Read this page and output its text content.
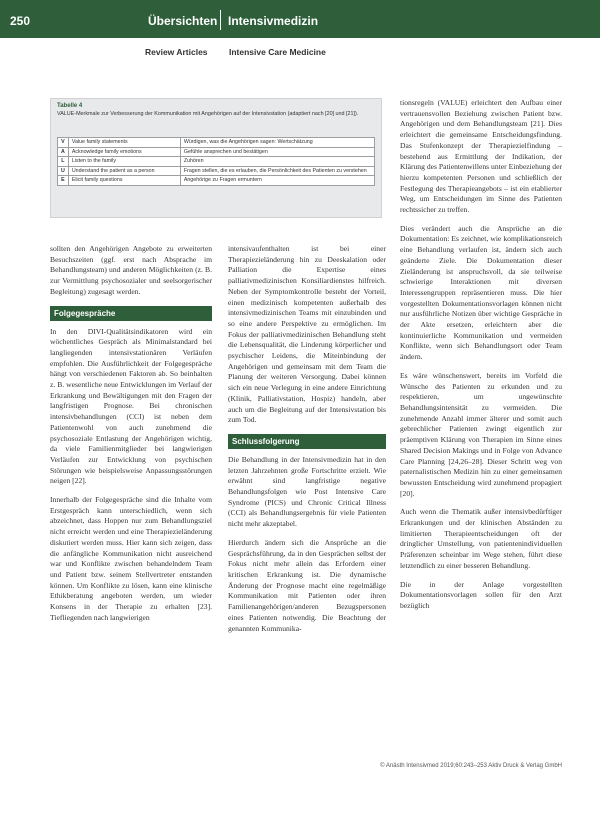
250	Übersichten Intensivmedizin
Review Articles	Intensive Care Medicine
Tabelle 4
VALUE-Merkmale zur Verbesserung der Kommunikation mit Angehörigen auf der Intensivstation (adaptiert nach [20] und [21]).
V	Value family statements	Würdigen, was die Angehörigen sagen: Wertschätzung
A	Acknowledge family emotions	Gefühle ansprechen und bestätigen
L	Listen to the family	Zuhören
U	Understand the patient as a person	Fragen stellen, die es erlauben, die Persönlichkeit des Patienten zu verstehen
E	Elicit family questions	Angehörige zu Fragen ermuntern

sollten den Angehörigen Angebote zu erweiterten Besuchszeiten (ggf. erst nach Absprache im Behandlungsteam) und anderen Möglichkeiten (z. B. zur Vermittlung psychosozialer und seelsorgerischer Begleitung) zugesagt werden.

Folgegespräche

In den DIVI-Qualitätsindikatoren wird ein wöchentliches Gespräch als Minimalstandard bei langliegenden intensivstationären Verläufen empfohlen. Die Ausführlichkeit der Folgegespräche hängt von verschiedenen Faktoren ab. So beinhalten z. B. wesentliche neue Entwicklungen im Verlauf der Erkrankung und Bewältigungen mit den Fragen der langfristigen Prognose. Bei chronischen intensivbehandlungen (CCI) ist neben dem Patientenwohl von auch zunehmend die psychosoziale Entlastung der Angehörigen wichtig, da viele Familienmitglieder bei langwierigen Verläufen zur Entwicklung von psychischen Störungen wie beispielsweise Anpassungsstörungen neigen [22].

Innerhalb der Folgegespräche sind die Inhalte vom Erstgespräch kann unterschiedlich, wenn sich abzeichnet, dass Hoppen nur zum Behandlungsziel nicht erreicht werden und eine Therapiezieländerung diskutiert werden muss. Hier kann sich zeigen, dass die anfängliche Kommunikation nicht ausreichend war und Konflikte zwischen behandelndem Team und Patient bzw. seinem Stellvertreter entstanden können. Um Konflikte zu lösen, kann eine klinische Ethikberatung angeboten werden, um wieder Konsens in der Therapie zu erhalten [23]. Tiefliegenden nach langwierigen

intensivaufenthalten ist bei einer Therapiezieländerung hin zu Deeskalation oder Palliation die Expertise eines palliativmedizinischen Konsiliardienstes hilfreich. Neben der Symptomkontrolle besteht der Vorteil, einen medizinisch kompetenten außerhalb des intensivmedizinischen Teams mit einzubinden und so eine andere Perspektive zu ermöglichen. Im Fokus der palliativmedizinischen Behandlung steht die Lebensqualität, die Linderung körperlicher und psychischer Leidens, die Miteinbindung der Angehörigen und gemeinsam mit dem Team die Planung der weiteren Versorgung. Dabei können sich ein neue Verlegung in eine andere Einrichtung (Klinik, Palliativstation, Hospiz) handeln, aber auch um die Begleitung auf der Intensivstation bis zum Tod.

Schlussfolgerung

Die Behandlung in der Intensivmedizin hat in den letzten Jahrzehnten große Fortschritte erzielt. Wie erwähnt sind langfristige negative Behandlungsfolgen wie Post Intensive Care Syndrome (PICS) und Chronic Critical Illness (CCI) als Behandlungsergebnis für viele Patienten nicht mehr akzeptabel.

Hierdurch ändern sich die Ansprüche an die Gesprächsführung, da in den Gesprächen selbst der Fokus nicht mehr allein das Erfordern einer kritischen Erkrankung ist. Die dynamische Änderung der Prognose macht eine regelmäßige Kommunikation mit Patienten oder ihren Familienangehörigen/anderen Bezugspersonen eines Patienten notwendig. Die Beachtung der genannten Kommunika-

tionsregeln (VALUE) erleichtert den Aufbau einer vertrauensvollen Beziehung zwischen Patient bzw. Angehörigen und dem Behandlungsteam [21]. Dies erleichtert die gemeinsame Entscheidungsfindung. Das Stufenkonzept der Therapiezielfindung – bestehend aus Ermittlung der Indikation, der Klärung des Patientenwillens unter Einbeziehung der hierzu kompetenten Personen und schließlich der Festlegung des Therapieangebots – ist ein etablierter Weg, um Entscheidungen im Sinne des Patienten rechtssicher zu treffen.

Dies verändert auch die Ansprüche an die Dokumentation: Es zeichnet, wie komplikationsreich eine Behandlung verlaufen ist, ändern sich auch geänderte Ziele. Die Dokumentation dieser Zieländerung ist anspruchsvoll, da sie teilweise schwierige Interaktionen mit diversen Interessengruppen repräsentieren muss. Die hier vorgestellten Dokumentationsvorlagen können nicht nur ausführliche Notizen über wichtige Gespräche in der Akte ersetzen, erleichtern aber die kontinuierliche Kommunikation und vermeiden Konflikte, wenn sich Behandlungsort oder Team ändern.

Es wäre wünschenswert, bereits im Vorfeld die Wünsche des Patienten zu erkunden und zu respektieren, um ungewünschte Behandlungsintensität zu vermeiden. Die zunehmende Anzahl immer älterer und somit auch gebrechlicher Patienten zwingt eigentlich zur präemptiven Klärung von Therapien im Sinne eines Shared Decision Makings und in Folge von Advance Care Planning [24,26–28]. Dieser Schritt weg von paternalistischen Medizin hin zu einer gemeinsamen bewussten Entscheidung wird zunehmend propagiert [20].

Auch wenn die Thematik außer intensivbedürftiger Erkrankungen und der klinischen Abständen zu limitierten Therapieentscheidungen oft der dringlicher Umstellung, von patientenindividuellen Präferenzen scheinbar im Wege stehen, führt diese letztendlich zu einer besseren Behandlung.

Die in der Anlage vorgestellten Dokumentationsvorlagen sollen für den Arzt bezüglich

© Anästh Intensivmed 2019;60:243–253 Aktiv Druck & Verlag GmbH
